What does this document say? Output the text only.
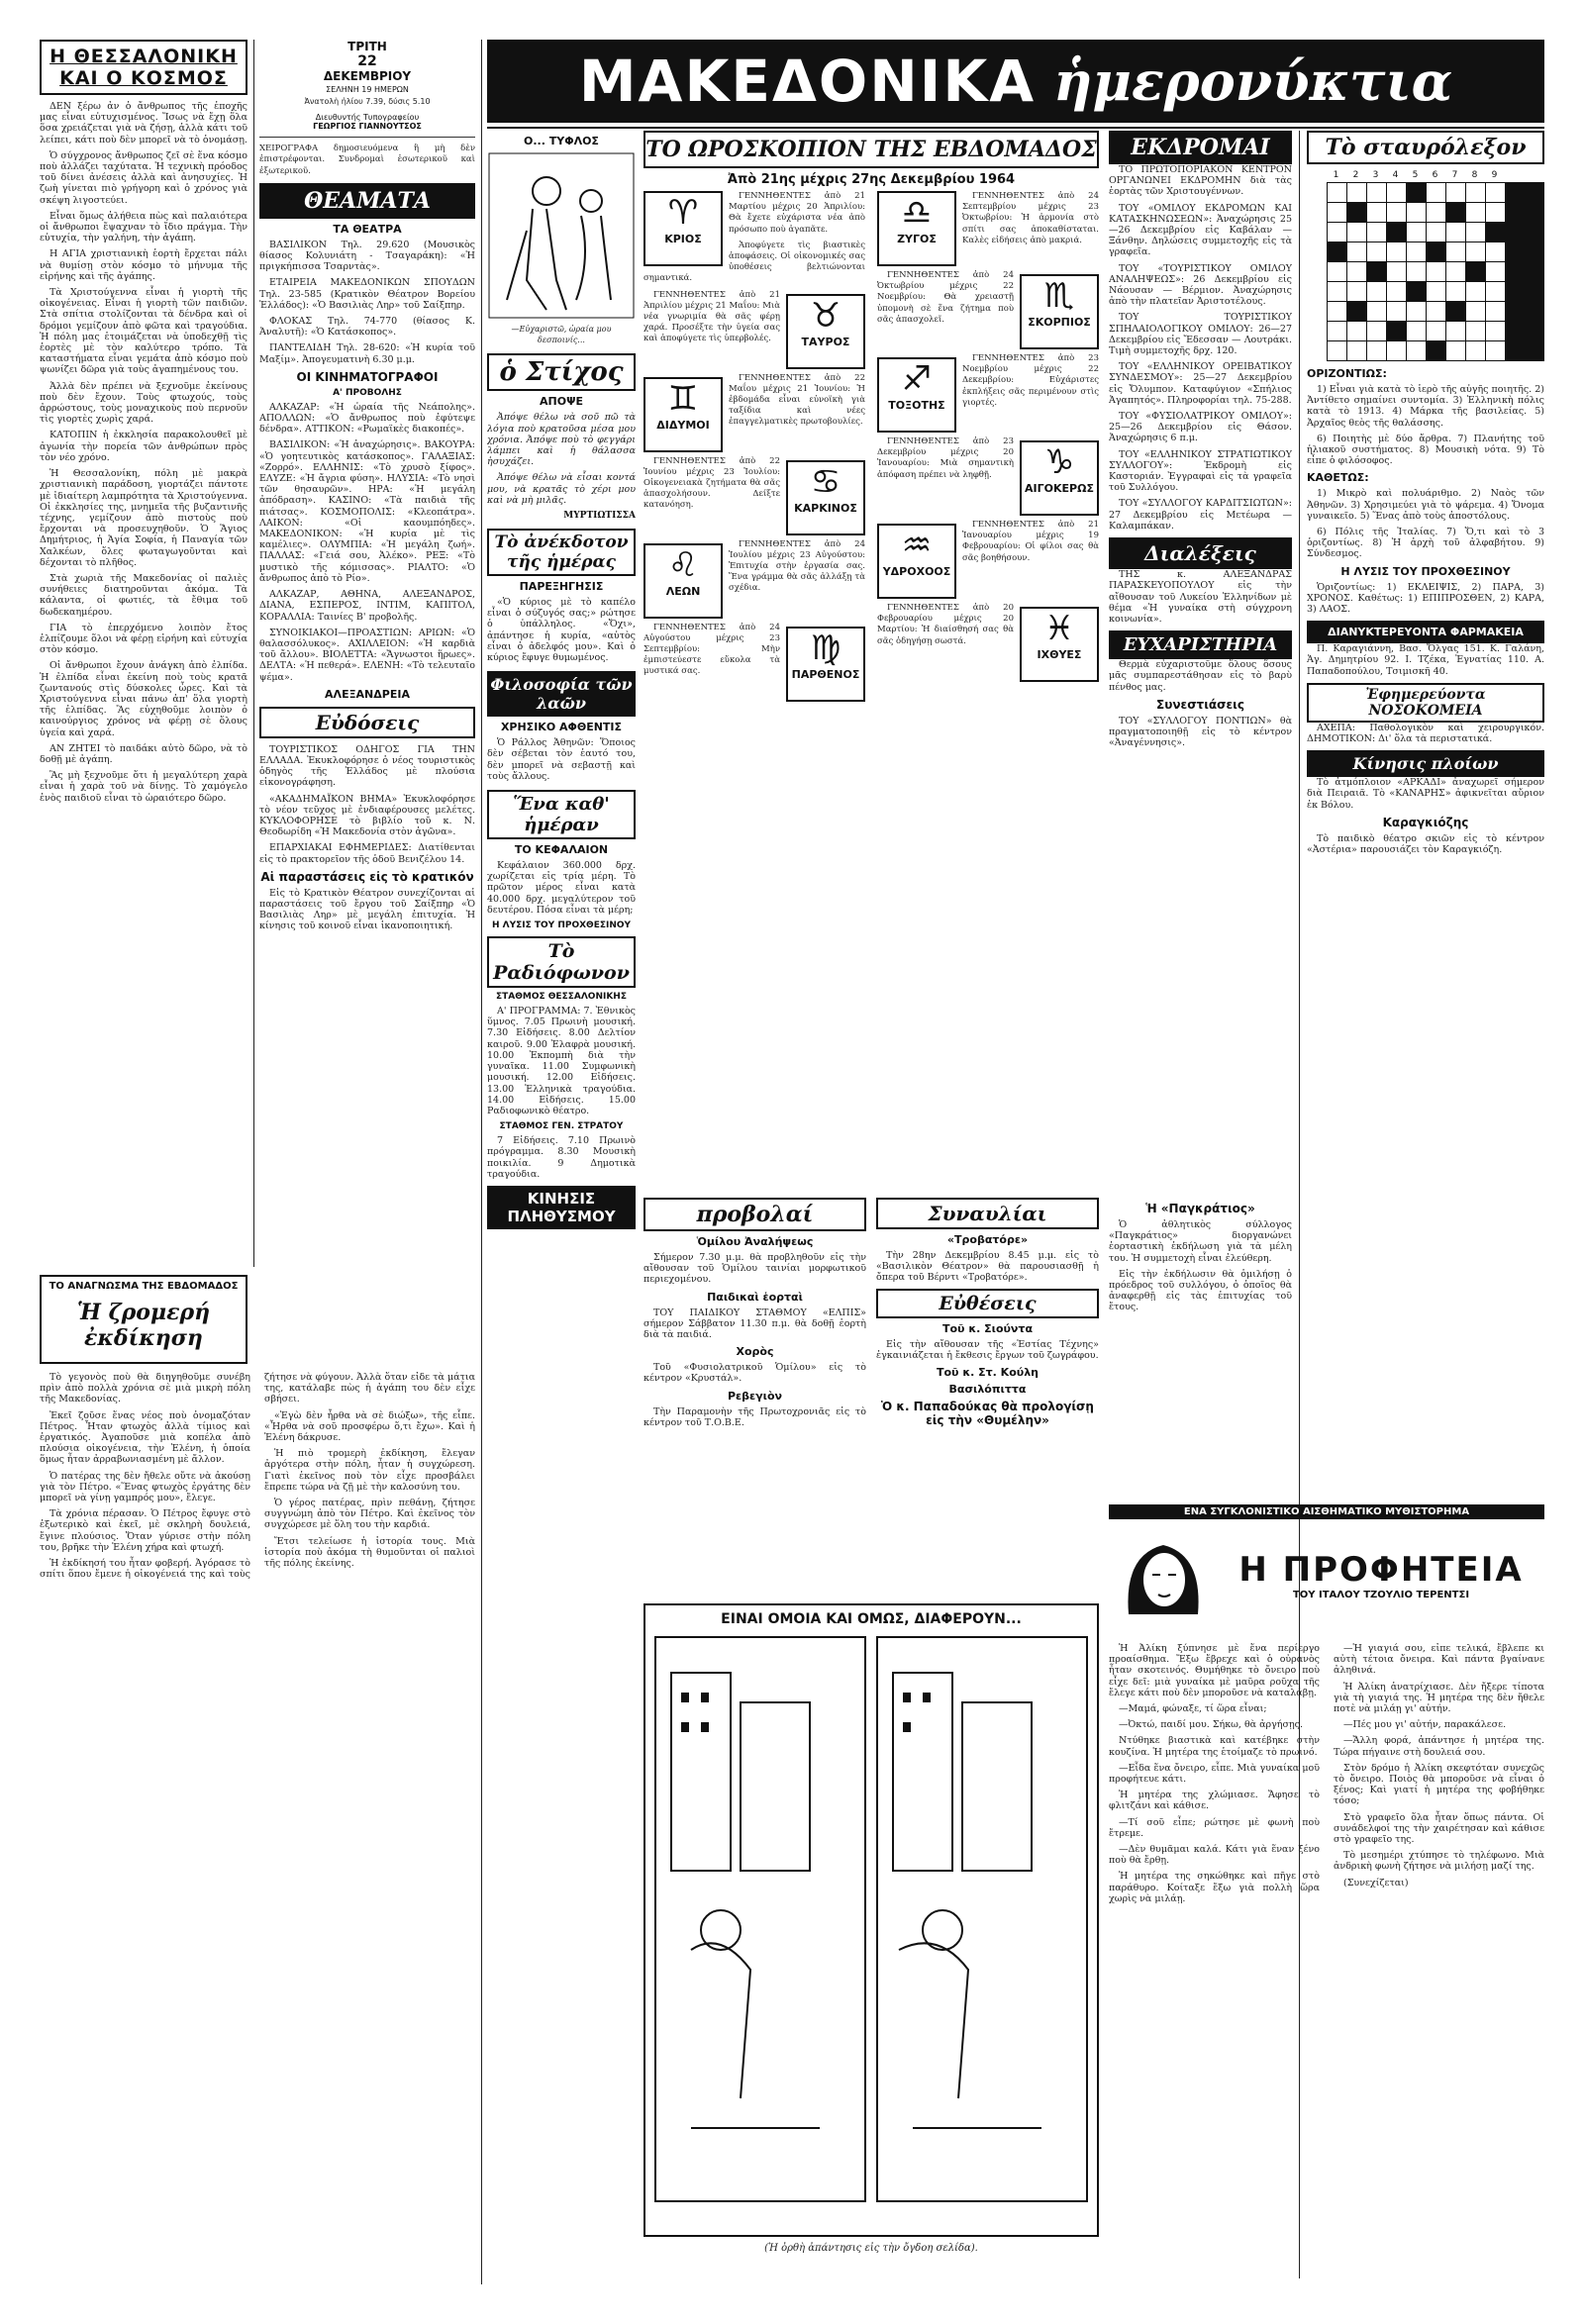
Η ΘΕΣΣΑΛΟΝΙΚΗ
ΚΑΙ Ο ΚΟΣΜΟΣ

ΔΕΝ ξέρω ἀν ὁ ἄνθρωπος τῆς ἐποχῆς μας εἶναι εὐτυχισμένος. Ἴσως νὰ ἔχῃ ὅλα ὅσα χρειάζεται γιὰ νὰ ζήσῃ, ἀλλὰ κάτι τοῦ λείπει, κάτι ποὺ δὲν μπορεῖ νὰ τὸ ὀνομάσῃ.

Ὁ σύγχρονος ἄνθρωπος ζεῖ σὲ ἕνα κόσμο ποὺ ἀλλάζει ταχύτατα. Ἡ τεχνικὴ πρόοδος τοῦ δίνει ἀνέσεις ἀλλὰ καὶ ἀνησυχίες. Ἡ ζωὴ γίνεται πιὸ γρήγορη καὶ ὁ χρόνος γιὰ σκέψη λιγοστεύει.

Εἶναι ὅμως ἀλήθεια πὼς καὶ παλαιότερα οἱ ἄνθρωποι ἔψαχναν τὸ ἴδιο πράγμα. Τὴν εὐτυχία, τὴν γαλήνη, τὴν ἀγάπη.

Η ΑΓΙΑ χριστιανικὴ ἑορτὴ ἔρχεται πάλι νὰ θυμίσῃ στὸν κόσμο τὸ μήνυμα τῆς εἰρήνης καὶ τῆς ἀγάπης.

Τὰ Χριστούγεννα εἶναι ἡ γιορτὴ τῆς οἰκογένειας. Εἶναι ἡ γιορτὴ τῶν παιδιῶν. Στὰ σπίτια στολίζονται τὰ δένδρα καὶ οἱ δρόμοι γεμίζουν ἀπὸ φῶτα καὶ τραγούδια. Ἡ πόλη μας ἑτοιμάζεται νὰ ὑποδεχθῇ τὶς ἑορτὲς μὲ τὸν καλύτερο τρόπο. Τὰ καταστήματα εἶναι γεμάτα ἀπὸ κόσμο ποὺ ψωνίζει δῶρα γιὰ τοὺς ἀγαπημένους του.

Ἀλλὰ δὲν πρέπει νὰ ξεχνοῦμε ἐκείνους ποὺ δὲν ἔχουν. Τοὺς φτωχούς, τοὺς ἀρρώστους, τοὺς μοναχικοὺς ποὺ περνοῦν τὶς γιορτὲς χωρὶς χαρά.

ΚΑΤΟΠΙΝ ἡ ἐκκλησία παρακολουθεῖ μὲ ἀγωνία τὴν πορεία τῶν ἀνθρώπων πρὸς τὸν νέο χρόνο.

Ἡ Θεσσαλονίκη, πόλη μὲ μακρὰ χριστιανικὴ παράδοση, γιορτάζει πάντοτε μὲ ἰδιαίτερη λαμπρότητα τὰ Χριστούγεννα. Οἱ ἐκκλησίες της, μνημεῖα τῆς βυζαντινῆς τέχνης, γεμίζουν ἀπὸ πιστοὺς ποὺ ἔρχονται νὰ προσευχηθοῦν. Ὁ Ἅγιος Δημήτριος, ἡ Ἁγία Σοφία, ἡ Παναγία τῶν Χαλκέων, ὅλες φωταγωγοῦνται καὶ δέχονται τὸ πλῆθος.

Στὰ χωριὰ τῆς Μακεδονίας οἱ παλιὲς συνήθειες διατηροῦνται ἀκόμα. Τὰ κάλαντα, οἱ φωτιές, τὰ ἔθιμα τοῦ δωδεκαημέρου.

ΓΙΑ τὸ ἐπερχόμενο λοιπὸν ἔτος ἐλπίζουμε ὅλοι νὰ φέρῃ εἰρήνη καὶ εὐτυχία στὸν κόσμο.

Οἱ ἄνθρωποι ἔχουν ἀνάγκη ἀπὸ ἐλπίδα. Ἡ ἐλπίδα εἶναι ἐκείνη ποὺ τοὺς κρατᾶ ζωντανούς στὶς δύσκολες ὧρες. Καὶ τὰ Χριστούγεννα εἶναι πάνω ἀπ' ὅλα γιορτὴ τῆς ἐλπίδας. Ἂς εὐχηθοῦμε λοιπὸν ὁ καινούργιος χρόνος νὰ φέρῃ σὲ ὅλους ὑγεία καὶ χαρά.

ΑΝ ΖΗΤΕΙ τὸ παιδάκι αὐτὸ δῶρο, νὰ τὸ δοθῇ μὲ ἀγάπη.

Ἂς μὴ ξεχνοῦμε ὅτι ἡ μεγαλύτερη χαρὰ εἶναι ἡ χαρὰ τοῦ νὰ δίνῃς. Τὸ χαμόγελο ἑνὸς παιδιοῦ εἶναι τὸ ὡραιότερο δῶρο.

ΤΟ ΑΝΑΓΝΩΣΜΑ ΤΗΣ ΕΒΔΟΜΑΔΟΣ
Ἡ ζρομερή ἐκδίκηση

Τὸ γεγονὸς ποὺ θὰ διηγηθοῦμε συνέβη πρὶν ἀπὸ πολλὰ χρόνια σὲ μιὰ μικρὴ πόλη τῆς Μακεδονίας.

Ἐκεῖ ζοῦσε ἕνας νέος ποὺ ὀνομαζόταν Πέτρος. Ἦταν φτωχὸς ἀλλὰ τίμιος καὶ ἐργατικός. Ἀγαποῦσε μιὰ κοπέλα ἀπὸ πλούσια οἰκογένεια, τὴν Ἑλένη, ἡ ὁποία ὅμως ἦταν ἀρραβωνιασμένη μὲ ἄλλον.

Ὁ πατέρας της δὲν ἤθελε οὔτε νὰ ἀκούσῃ γιὰ τὸν Πέτρο. «Ἕνας φτωχὸς ἐργάτης δὲν μπορεῖ νὰ γίνῃ γαμπρός μου», ἔλεγε.

Τὰ χρόνια πέρασαν. Ὁ Πέτρος ἔφυγε στὸ ἐξωτερικὸ καὶ ἐκεῖ, μὲ σκληρὴ δουλειά, ἔγινε πλούσιος. Ὅταν γύρισε στὴν πόλη του, βρῆκε τὴν Ἑλένη χήρα καὶ φτωχή.

Ἡ ἐκδίκησή του ἦταν φοβερή. Ἀγόρασε τὸ σπίτι ὅπου ἔμενε ἡ οἰκογένειά της καὶ τοὺς ζήτησε νὰ φύγουν. Ἀλλὰ ὅταν εἶδε τὰ μάτια της, κατάλαβε πὼς ἡ ἀγάπη του δὲν εἶχε σβήσει.

«Ἐγὼ δὲν ἦρθα νὰ σὲ διώξω», τῆς εἶπε. «Ἦρθα νὰ σοῦ προσφέρω ὅ,τι ἔχω». Καὶ ἡ Ἑλένη δάκρυσε.

Ἡ πιὸ τρομερὴ ἐκδίκηση, ἔλεγαν ἀργότερα στὴν πόλη, ἦταν ἡ συγχώρεση. Γιατὶ ἐκεῖνος ποὺ τὸν εἶχε προσβάλει ἔπρεπε τώρα νὰ ζῇ μὲ τὴν καλοσύνη του.

Ὁ γέρος πατέρας, πρὶν πεθάνῃ, ζήτησε συγγνώμη ἀπὸ τὸν Πέτρο. Καὶ ἐκεῖνος τὸν συγχώρεσε μὲ ὅλη του τὴν καρδιά.

Ἔτσι τελείωσε ἡ ἱστορία τους. Μιὰ ἱστορία ποὺ ἀκόμα τὴ θυμοῦνται οἱ παλιοὶ τῆς πόλης ἐκείνης.

ΤΡΙΤΗ
22
ΔΕΚΕΜΒΡΙΟΥ
ΣΕΛΗΝΗ 19 ΗΜΕΡΩΝ
Ἀνατολὴ ἡλίου 7.39, δύσις 5.10
Διευθυντής Τυπογραφείου
ΓΕΩΡΓΙΟΣ ΓΙΑΝΝΟΥΤΣΟΣ
ΧΕΙΡΟΓΡΑΦΑ δημοσιευόμενα ἢ μὴ δὲν ἐπιστρέφονται. Συνδρομαὶ ἐσωτερικοῦ καὶ ἐξωτερικοῦ.
ΘΕΑΜΑΤΑ
ΤΑ ΘΕΑΤΡΑ

ΒΑΣΙΛΙΚΟΝ Τηλ. 29.620 (Μουσικὸς θίασος Κολυνιάτη - Τσαγαράκη): «Ἡ πριγκήπισσα Τσαρντὰς».

ΕΤΑΙΡΕΙΑ ΜΑΚΕΔΟΝΙΚΩΝ ΣΠΟΥΔΩΝ Τηλ. 23-585 (Κρατικὸν Θέατρον Βορείου Ἑλλάδος): «Ὁ Βασιλιὰς Ληρ» τοῦ Σαίξπηρ.

ΦΛΟΚΑΣ Τηλ. 74-770 (θίασος Κ. Ἀναλυτῆ): «Ὁ Κατάσκοπος».

ΠΑΝΤΕΛΙΔΗ Τηλ. 28-620: «Ἡ κυρία τοῦ Μαξίμ». Ἀπογευματινὴ 6.30 μ.μ.

ΟΙ ΚΙΝΗΜΑΤΟΓΡΑΦΟΙ
Α' ΠΡΟΒΟΛΗΣ

ΑΛΚΑΖΑΡ: «Ἡ ὡραία τῆς Νεάπολης». ΑΠΟΛΛΩΝ: «Ὁ ἄνθρωπος ποὺ ἐφύτεψε δένδρα». ΑΤΤΙΚΟΝ: «Ρωμαϊκὲς διακοπές».

ΒΑΣΙΛΙΚΟΝ: «Ἡ ἀναχώρησις». ΒΑΚΟΥΡΑ: «Ὁ γοητευτικὸς κατάσκοπος». ΓΑΛΑΞΙΑΣ: «Ζορρό». ΕΛΛΗΝΙΣ: «Τὸ χρυσὸ ξίφος». ΕΛΥΖΕ: «Ἡ ἄγρια φύση». ΗΛΥΣΙΑ: «Τὸ νησὶ τῶν θησαυρῶν». ΗΡΑ: «Ἡ μεγάλη ἀπόδραση». ΚΑΣΙΝΟ: «Τὰ παιδιὰ τῆς πιάτσας». ΚΟΣΜΟΠΟΛΙΣ: «Κλεοπάτρα». ΛΑΙΚΟΝ: «Οἱ καουμπόηδες». ΜΑΚΕΔΟΝΙΚΟΝ: «Ἡ κυρία μὲ τὶς καμέλιες». ΟΛΥΜΠΙΑ: «Ἡ μεγάλη ζωή». ΠΑΛΛΑΣ: «Γειά σου, Ἀλέκο». ΡΕΞ: «Τὸ μυστικὸ τῆς κόμισσας». ΡΙΑΛΤΟ: «Ὁ ἄνθρωπος ἀπὸ τὸ Ρίο».

ΑΛΚΑΖΑΡ, ΑΘΗΝΑ, ΑΛΕΞΑΝΔΡΟΣ, ΔΙΑΝΑ, ΕΣΠΕΡΟΣ, ΙΝΤΙΜ, ΚΑΠΙΤΟΛ, ΚΟΡΑΛΛΙΑ: Ταινίες Β' προβολῆς.

ΣΥΝΟΙΚΙΑΚΟΙ—ΠΡΟΑΣΤΙΩΝ: ΑΡΙΩΝ: «Ὁ θαλασσόλυκος». ΑΧΙΛΛΕΙΟΝ: «Ἡ καρδιὰ τοῦ ἄλλου». ΒΙΟΛΕΤΤΑ: «Ἄγνωστοι ἥρωες». ΔΕΛΤΑ: «Ἡ πεθερά». ΕΛΕΝΗ: «Τὸ τελευταῖο ψέμα».

ΑΛΕΞΑΝΔΡΕΙΑ
Εὐδόσεις

ΤΟΥΡΙΣΤΙΚΟΣ ΟΔΗΓΟΣ ΓΙΑ ΤΗΝ ΕΛΛΑΔΑ. Ἐκυκλοφόρησε ὁ νέος τουριστικὸς ὁδηγὸς τῆς Ἑλλάδος μὲ πλούσια εἰκονογράφηση.

«ΑΚΑΔΗΜΑΪΚΟΝ ΒΗΜΑ» Ἐκυκλοφόρησε τὸ νέον τεῦχος μὲ ἐνδιαφέρουσες μελέτες. ΚΥΚΛΟΦΟΡΗΣΕ τὸ βιβλίο τοῦ κ. Ν. Θεοδωρίδη «Ἡ Μακεδονία στὸν ἀγῶνα».

ΕΠΑΡΧΙΑΚΑΙ ΕΦΗΜΕΡΙΔΕΣ: Διατίθενται εἰς τὸ πρακτορεῖον τῆς ὁδοῦ Βενιζέλου 14.

Αἱ παραστάσεις εἰς τὸ κρατικόν

Εἰς τὸ Κρατικὸν Θέατρον συνεχίζονται αἱ παραστάσεις τοῦ ἔργου τοῦ Σαίξπηρ «Ὁ Βασιλιὰς Ληρ» μὲ μεγάλη ἐπιτυχία. Ἡ κίνησις τοῦ κοινοῦ εἶναι ἱκανοποιητική.

ΜΑΚΕΔΟΝΙΚΑ ἡμερονύκτια
Ο... ΤΥΦΛΟΣ
—Εὐχαριστῶ, ὡραία μου δεσποινίς...
ὁ Στίχος
ΑΠΟΨΕ

Ἀπόψε θέλω νὰ σοῦ πῶ τὰ λόγια ποὺ κρατοῦσα μέσα μου χρόνια. Ἀπόψε ποὺ τὸ φεγγάρι λάμπει καὶ ἡ θάλασσα ἡσυχάζει.

Ἀπόψε θέλω νὰ εἶσαι κοντά μου, νὰ κρατᾶς τὸ χέρι μου καὶ νὰ μὴ μιλᾶς.

ΜΥΡΤΙΩΤΙΣΣΑ
Τὸ ἀνέκδοτον τῆς ἡμέρας
ΠΑΡΕΞΗΓΗΣΙΣ

«Ὁ κύριος μὲ τὸ καπέλο εἶναι ὁ σύζυγός σας;» ρώτησε ὁ ὑπάλληλος. «Ὄχι», ἀπάντησε ἡ κυρία, «αὐτὸς εἶναι ὁ ἀδελφός μου». Καὶ ὁ κύριος ἔφυγε θυμωμένος.

Φιλοσοφία τῶν λαῶν
ΧΡΗΣΙΚΟ ΑΦΘΕΝΤΙΣ

Ὁ Ράλλος Ἀθηνῶν: Ὅποιος δὲν σέβεται τὸν ἑαυτό του, δὲν μπορεῖ νὰ σεβαστῇ καὶ τοὺς ἄλλους.

Ἕνα καθ' ἡμέραν
ΤΟ ΚΕΦΑΛΑΙΟΝ

Κεφάλαιον 360.000 δρχ. χωρίζεται εἰς τρία μέρη. Τὸ πρῶτον μέρος εἶναι κατὰ 40.000 δρχ. μεγαλύτερον τοῦ δευτέρου. Πόσα εἶναι τὰ μέρη;

Η ΛΥΣΙΣ ΤΟΥ ΠΡΟΧΘΕΣΙΝΟΥ
Τὸ Ραδιόφωνον
ΣΤΑΘΜΟΣ ΘΕΣΣΑΛΟΝΙΚΗΣ

Α' ΠΡΟΓΡΑΜΜΑ: 7. Ἐθνικὸς ὕμνος. 7.05 Πρωινὴ μουσική. 7.30 Εἰδήσεις. 8.00 Δελτίον καιροῦ. 9.00 Ἐλαφρὰ μουσική. 10.00 Ἐκπομπὴ διὰ τὴν γυναῖκα. 11.00 Συμφωνικὴ μουσική. 12.00 Εἰδήσεις. 13.00 Ἑλληνικὰ τραγούδια. 14.00 Εἰδήσεις. 15.00 Ραδιοφωνικὸ θέατρο.

ΣΤΑΘΜΟΣ ΓΕΝ. ΣΤΡΑΤΟΥ

7 Εἰδήσεις. 7.10 Πρωινὸ πρόγραμμα. 8.30 Μουσικὴ ποικιλία. 9 Δημοτικὰ τραγούδια.

ΚΙΝΗΣΙΣ ΠΛΗΘΥΣΜΟΥ
ΤΟ ΩΡΟΣΚΟΠΙΟΝ ΤΗΣ ΕΒΔΟΜΑΔΟΣ
Ἀπὸ 21ης μέχρις 27ης Δεκεμβρίου 1964
♈
ΚΡΙΟΣ

ΓΕΝΝΗΘΕΝΤΕΣ ἀπὸ 21 Μαρτίου μέχρις 20 Ἀπριλίου: Θὰ ἔχετε εὐχάριστα νέα ἀπὸ πρόσωπο ποὺ ἀγαπᾶτε.

Ἀποφύγετε τὶς βιαστικὲς ἀποφάσεις. Οἱ οἰκονομικές σας ὑποθέσεις βελτιώνονται σημαντικά.

♉
ΤΑΥΡΟΣ

ΓΕΝΝΗΘΕΝΤΕΣ ἀπὸ 21 Ἀπριλίου μέχρις 21 Μαΐου: Μιὰ νέα γνωριμία θὰ σᾶς φέρῃ χαρά. Προσέξτε τὴν ὑγεία σας καὶ ἀποφύγετε τὶς ὑπερβολές.

♊
ΔΙΔΥΜΟΙ

ΓΕΝΝΗΘΕΝΤΕΣ ἀπὸ 22 Μαΐου μέχρις 21 Ἰουνίου: Ἡ ἑβδομάδα εἶναι εὐνοϊκὴ γιὰ ταξίδια καὶ νέες ἐπαγγελματικὲς πρωτοβουλίες.

♋
ΚΑΡΚΙΝΟΣ

ΓΕΝΝΗΘΕΝΤΕΣ ἀπὸ 22 Ἰουνίου μέχρις 23 Ἰουλίου: Οἰκογενειακὰ ζητήματα θὰ σᾶς ἀπασχολήσουν. Δείξτε κατανόηση.

♌
ΛΕΩΝ

ΓΕΝΝΗΘΕΝΤΕΣ ἀπὸ 24 Ἰουλίου μέχρις 23 Αὐγούστου: Ἐπιτυχία στὴν ἐργασία σας. Ἕνα γράμμα θὰ σᾶς ἀλλάξῃ τὰ σχέδια.

♍
ΠΑΡΘΕΝΟΣ

ΓΕΝΝΗΘΕΝΤΕΣ ἀπὸ 24 Αὐγούστου μέχρις 23 Σεπτεμβρίου: Μὴν ἐμπιστεύεστε εὔκολα τὰ μυστικά σας.

♎
ΖΥΓΟΣ

ΓΕΝΝΗΘΕΝΤΕΣ ἀπὸ 24 Σεπτεμβρίου μέχρις 23 Ὀκτωβρίου: Ἡ ἁρμονία στὸ σπίτι σας ἀποκαθίσταται. Καλὲς εἰδήσεις ἀπὸ μακριά.

♏
ΣΚΟΡΠΙΟΣ

ΓΕΝΝΗΘΕΝΤΕΣ ἀπὸ 24 Ὀκτωβρίου μέχρις 22 Νοεμβρίου: Θὰ χρειαστῇ ὑπομονὴ σὲ ἕνα ζήτημα ποὺ σᾶς ἀπασχολεῖ.

♐
ΤΟΞΟΤΗΣ

ΓΕΝΝΗΘΕΝΤΕΣ ἀπὸ 23 Νοεμβρίου μέχρις 22 Δεκεμβρίου: Εὐχάριστες ἐκπλήξεις σᾶς περιμένουν στὶς γιορτές.

♑
ΑΙΓΟΚΕΡΩΣ

ΓΕΝΝΗΘΕΝΤΕΣ ἀπὸ 23 Δεκεμβρίου μέχρις 20 Ἰανουαρίου: Μιὰ σημαντικὴ ἀπόφαση πρέπει νὰ ληφθῇ.

♒
ΥΔΡΟΧΟΟΣ

ΓΕΝΝΗΘΕΝΤΕΣ ἀπὸ 21 Ἰανουαρίου μέχρις 19 Φεβρουαρίου: Οἱ φίλοι σας θὰ σᾶς βοηθήσουν.

♓
ΙΧΘΥΕΣ

ΓΕΝΝΗΘΕΝΤΕΣ ἀπὸ 20 Φεβρουαρίου μέχρις 20 Μαρτίου: Ἡ διαίσθησή σας θὰ σᾶς ὁδηγήσῃ σωστά.

προβολαί
Ὁμίλου Ἀναλήψεως

Σήμερον 7.30 μ.μ. θὰ προβληθοῦν εἰς τὴν αἴθουσαν τοῦ Ὁμίλου ταινίαι μορφωτικοῦ περιεχομένου.

Παιδικαὶ ἑορταὶ

ΤΟΥ ΠΑΙΔΙΚΟΥ ΣΤΑΘΜΟΥ «ΕΛΠΙΣ» σήμερον Σάββατον 11.30 π.μ. θὰ δοθῇ ἑορτὴ διὰ τὰ παιδιά.

Χορὸς

Τοῦ «Φυσιολατρικοῦ Ὁμίλου» εἰς τὸ κέντρον «Κρυστάλ».

Ρεβεγιὸν

Τὴν Παραμονὴν τῆς Πρωτοχρονιᾶς εἰς τὸ κέντρον τοῦ Τ.Ο.Β.Ε.

Συναυλίαι
«Τροβατόρε»

Τὴν 28ην Δεκεμβρίου 8.45 μ.μ. εἰς τὸ «Βασιλικὸν Θέατρον» θὰ παρουσιασθῇ ἡ ὄπερα τοῦ Βέρντι «Τροβατόρε».

Εὐθέσεις
Τοῦ κ. Σιούντα

Εἰς τὴν αἴθουσαν τῆς «Ἑστίας Τέχνης» ἐγκαινιάζεται ἡ ἔκθεσις ἔργων τοῦ ζωγράφου.

Τοῦ κ. Στ. Κούλη
Βασιλόπιττα
Ὁ κ. Παπαδούκας θὰ προλογίσῃ εἰς τὴν «Θυμέλην»
ΕΙΝΑΙ ΟΜΟΙΑ ΚΑΙ ΟΜΩΣ, ΔΙΑΦΕΡΟΥΝ...
(Ἡ ὀρθὴ ἀπάντησις εἰς τὴν ὄγδοη σελίδα).
Ἡ «Παγκράτιος»

Ὁ ἀθλητικὸς σύλλογος «Παγκράτιος» διοργανώνει ἑορταστικὴ ἐκδήλωση γιὰ τὰ μέλη του. Ἡ συμμετοχὴ εἶναι ἐλεύθερη.

Εἰς τὴν ἐκδήλωσιν θὰ ὁμιλήσῃ ὁ πρόεδρος τοῦ συλλόγου, ὁ ὁποῖος θὰ ἀναφερθῇ εἰς τὰς ἐπιτυχίας τοῦ ἔτους.

ΕΚΔΡΟΜΑΙ

ΤΟ ΠΡΩΤΟΠΟΡΙΑΚΟΝ ΚΕΝΤΡΟΝ ΟΡΓΑΝΩΝΕΙ ΕΚΔΡΟΜΗΝ διὰ τὰς ἑορτὰς τῶν Χριστουγέννων.

ΤΟΥ «ΟΜΙΛΟΥ ΕΚΔΡΟΜΩΝ ΚΑΙ ΚΑΤΑΣΚΗΝΩΣΕΩΝ»: Ἀναχώρησις 25—26 Δεκεμβρίου εἰς Καβάλαν — Ξάνθην. Δηλώσεις συμμετοχῆς εἰς τὰ γραφεῖα.

ΤΟΥ «ΤΟΥΡΙΣΤΙΚΟΥ ΟΜΙΛΟΥ ΑΝΑΛΗΨΕΩΣ»: 26 Δεκεμβρίου εἰς Νάουσαν — Βέρμιον. Ἀναχώρησις ἀπὸ τὴν πλατεῖαν Ἀριστοτέλους.

ΤΟΥ ΤΟΥΡΙΣΤΙΚΟΥ ΣΠΗΛΑΙΟΛΟΓΙΚΟΥ ΟΜΙΛΟΥ: 26—27 Δεκεμβρίου εἰς Ἔδεσσαν — Λουτράκι. Τιμὴ συμμετοχῆς δρχ. 120.

ΤΟΥ «ΕΛΛΗΝΙΚΟΥ ΟΡΕΙΒΑΤΙΚΟΥ ΣΥΝΔΕΣΜΟΥ»: 25—27 Δεκεμβρίου εἰς Ὄλυμπον. Καταφύγιον «Σπήλιος Ἀγαπητός». Πληροφορίαι τηλ. 75-288.

ΤΟΥ «ΦΥΣΙΟΛΑΤΡΙΚΟΥ ΟΜΙΛΟΥ»: 25—26 Δεκεμβρίου εἰς Θάσον. Ἀναχώρησις 6 π.μ.

ΤΟΥ «ΕΛΛΗΝΙΚΟΥ ΣΤΡΑΤΙΩΤΙΚΟΥ ΣΥΛΛΟΓΟΥ»: Ἐκδρομὴ εἰς Καστοριάν. Ἐγγραφαὶ εἰς τὰ γραφεῖα τοῦ Συλλόγου.

ΤΟΥ «ΣΥΛΛΟΓΟΥ ΚΑΡΔΙΤΣΙΩΤΩΝ»: 27 Δεκεμβρίου εἰς Μετέωρα — Καλαμπάκαν.

Διαλέξεις

ΤΗΣ κ. ΑΛΕΞΑΝΔΡΑΣ ΠΑΡΑΣΚΕΥΟΠΟΥΛΟΥ εἰς τὴν αἴθουσαν τοῦ Λυκείου Ἑλληνίδων μὲ θέμα «Ἡ γυναίκα στὴ σύγχρονη κοινωνία».

ΕΥΧΑΡΙΣΤΗΡΙΑ

Θερμὰ εὐχαριστοῦμε ὅλους ὅσους μᾶς συμπαρεστάθησαν εἰς τὸ βαρὺ πένθος μας.

Συνεστιάσεις

ΤΟΥ «ΣΥΛΛΟΓΟΥ ΠΟΝΤΙΩΝ» θὰ πραγματοποιηθῇ εἰς τὸ κέντρον «Ἀναγέννησις».

Τὸ σταυρόλεξον
1	2	3	4	5	6	7	8	9
ΟΡΙΖΟΝΤΙΩΣ:

1) Εἶναι γιὰ κατὰ τὸ ἱερὸ τῆς αὐγῆς ποιητῆς. 2) Ἀντίθετο σημαίνει συντομία. 3) Ἑλληνικὴ πόλις κατὰ τὸ 1913. 4) Μάρκα τῆς βασιλείας. 5) Ἀρχαῖος θεὸς τῆς θαλάσσης.

6) Ποιητὴς μὲ δύο ἄρθρα. 7) Πλανήτης τοῦ ἡλιακοῦ συστήματος. 8) Μουσικὴ νότα. 9) Τὸ εἶπε ὁ φιλόσοφος.

ΚΑΘΕΤΩΣ:

1) Μικρὸ καὶ πολυάριθμο. 2) Ναὸς τῶν Ἀθηνῶν. 3) Χρησιμεύει γιὰ τὸ ψάρεμα. 4) Ὄνομα γυναικεῖο. 5) Ἕνας ἀπὸ τοὺς ἀποστόλους.

6) Πόλις τῆς Ἰταλίας. 7) Ὅ,τι καὶ τὸ 3 ὁριζοντίως. 8) Ἡ ἀρχὴ τοῦ ἀλφαβήτου. 9) Σύνδεσμος.

Η ΛΥΣΙΣ ΤΟΥ ΠΡΟΧΘΕΣΙΝΟΥ

Ὁριζοντίως: 1) ΕΚΛΕΙΨΙΣ, 2) ΠΑΡΑ, 3) ΧΡΟΝΟΣ. Καθέτως: 1) ΕΠΙΠΡΟΣΘΕΝ, 2) ΚΑΡΑ, 3) ΛΑΟΣ.

ΔΙΑΝΥΚΤΕΡΕΥΟΝΤΑ ΦΑΡΜΑΚΕΙΑ

Π. Καραγιάννη, Βασ. Ὄλγας 151. Κ. Γαλάνη, Ἁγ. Δημητρίου 92. Ι. Τζέκα, Ἐγνατίας 110. Α. Παπαδοπούλου, Τσιμισκῆ 40.

Ἐφημερεύοντα ΝΟΣΟΚΟΜΕΙΑ

ΑΧΕΠΑ: Παθολογικὸν καὶ χειρουργικόν. ΔΗΜΟΤΙΚΟΝ: Δι' ὅλα τὰ περιστατικά.

Κίνησις πλοίων

Τὸ ἀτμόπλοιον «ΑΡΚΑΔΙ» ἀναχωρεῖ σήμερον διὰ Πειραιᾶ. Τὸ «ΚΑΝΑΡΗΣ» ἀφικνεῖται αὔριον ἐκ Βόλου.

Καραγκιόζης

Τὸ παιδικὸ θέατρο σκιῶν εἰς τὸ κέντρον «Ἀστέρια» παρουσιάζει τὸν Καραγκιόζη.

ΕΝΑ ΣΥΓΚΛΟΝΙΣΤΙΚΟ ΑΙΣΘΗΜΑΤΙΚΟ ΜΥΘΙΣΤΟΡΗΜΑ
Η ΠΡΟΦΗΤΕΙΑ
ΤΟΥ ΙΤΑΛΟΥ ΤΖΟΥΛΙΟ ΤΕΡΕΝΤΣΙ

Ἡ Ἀλίκη ξύπνησε μὲ ἕνα περίεργο προαίσθημα. Ἔξω ἔβρεχε καὶ ὁ οὐρανὸς ἦταν σκοτεινός. Θυμήθηκε τὸ ὄνειρο ποὺ εἶχε δεῖ: μιὰ γυναίκα μὲ μαῦρα ροῦχα τῆς ἔλεγε κάτι ποὺ δὲν μποροῦσε νὰ καταλάβῃ.

—Μαμά, φώναξε, τί ὥρα εἶναι;

—Ὀκτώ, παιδί μου. Σήκω, θὰ ἀργήσῃς.

Ντύθηκε βιαστικὰ καὶ κατέβηκε στὴν κουζίνα. Ἡ μητέρα της ἑτοίμαζε τὸ πρωινό.

—Εἶδα ἕνα ὄνειρο, εἶπε. Μιὰ γυναίκα μοῦ προφήτευε κάτι.

Ἡ μητέρα της χλώμιασε. Ἄφησε τὸ φλιτζάνι καὶ κάθισε.

—Τί σοῦ εἶπε; ρώτησε μὲ φωνὴ ποὺ ἔτρεμε.

—Δὲν θυμᾶμαι καλά. Κάτι γιὰ ἕναν ξένο ποὺ θὰ ἔρθῃ.

Ἡ μητέρα της σηκώθηκε καὶ πῆγε στὸ παράθυρο. Κοίταξε ἔξω γιὰ πολλὴ ὥρα χωρὶς νὰ μιλάῃ.

—Ἡ γιαγιά σου, εἶπε τελικά, ἔβλεπε κι αὐτὴ τέτοια ὄνειρα. Καὶ πάντα βγαίνανε ἀληθινά.

Ἡ Ἀλίκη ἀνατρίχιασε. Δὲν ἤξερε τίποτα γιὰ τὴ γιαγιά της. Ἡ μητέρα της δὲν ἤθελε ποτὲ νὰ μιλάῃ γι' αὐτήν.

—Πές μου γι' αὐτήν, παρακάλεσε.

—Ἄλλη φορά, ἀπάντησε ἡ μητέρα της. Τώρα πήγαινε στὴ δουλειά σου.

Στὸν δρόμο ἡ Ἀλίκη σκεφτόταν συνεχῶς τὸ ὄνειρο. Ποιὸς θὰ μποροῦσε νὰ εἶναι ὁ ξένος; Καὶ γιατί ἡ μητέρα της φοβήθηκε τόσο;

Στὸ γραφεῖο ὅλα ἦταν ὅπως πάντα. Οἱ συνάδελφοί της τὴν χαιρέτησαν καὶ κάθισε στὸ γραφεῖο της.

Τὸ μεσημέρι χτύπησε τὸ τηλέφωνο. Μιὰ ἀνδρικὴ φωνὴ ζήτησε νὰ μιλήσῃ μαζί της.

(Συνεχίζεται)
